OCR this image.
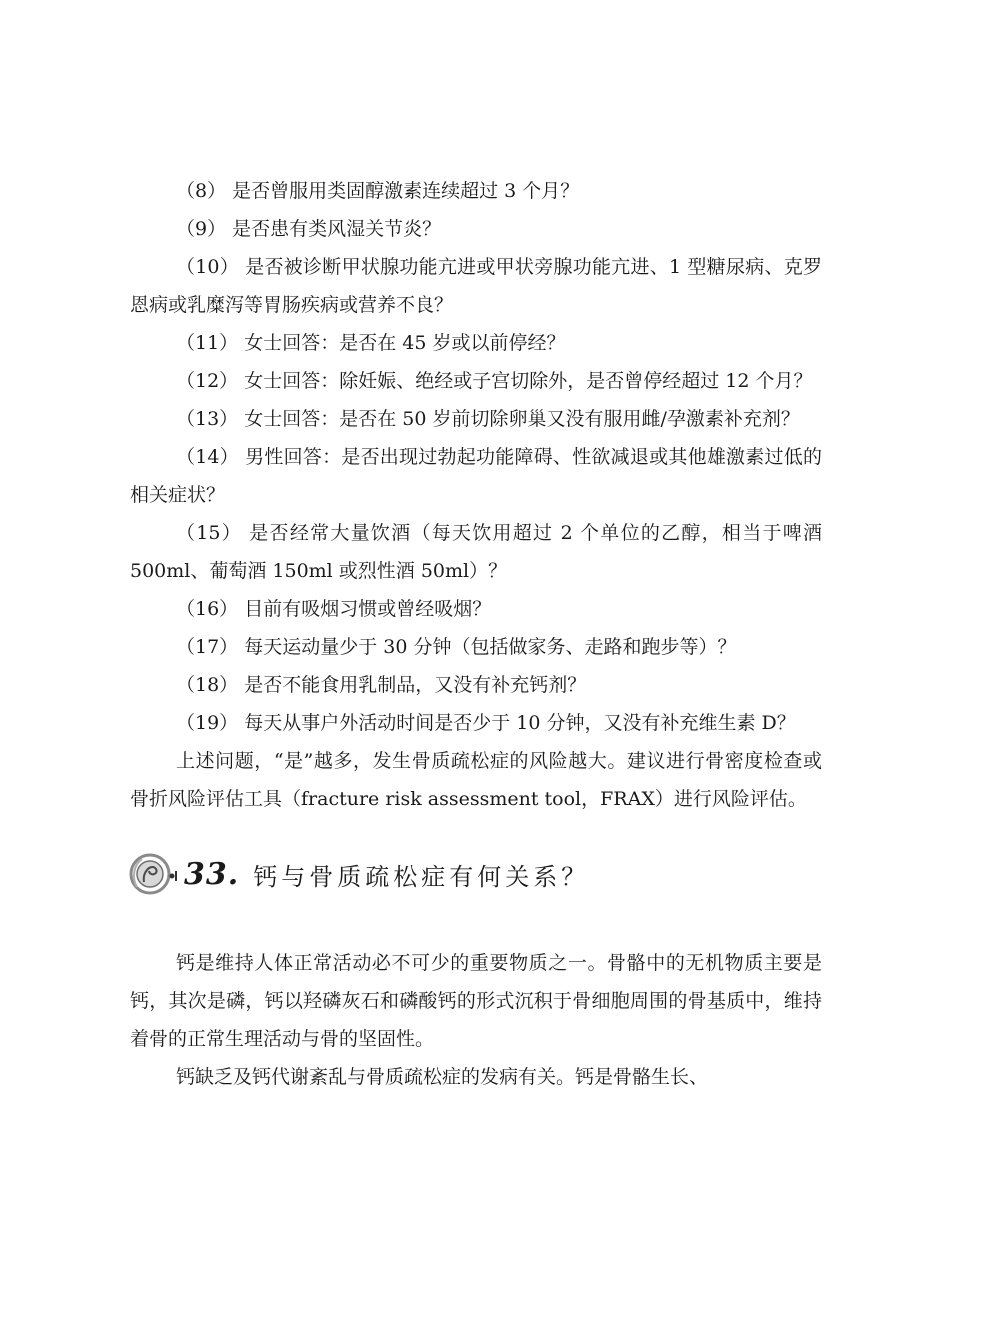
（8） 是否曾服用类固醇激素连续超过 3 个月？

（9） 是否患有类风湿关节炎？

（10） 是否被诊断甲状腺功能亢进或甲状旁腺功能亢进、1 型糖尿病、克罗恩病或乳糜泻等胃肠疾病或营养不良？

（11） 女士回答：是否在 45 岁或以前停经？

（12） 女士回答：除妊娠、绝经或子宫切除外，是否曾停经超过 12 个月？

（13） 女士回答：是否在 50 岁前切除卵巢又没有服用雌/孕激素补充剂？

（14） 男性回答：是否出现过勃起功能障碍、性欲减退或其他雄激素过低的相关症状？

（15） 是否经常大量饮酒（每天饮用超过 2 个单位的乙醇，相当于啤酒 500ml、葡萄酒 150ml 或烈性酒 50ml）？

（16） 目前有吸烟习惯或曾经吸烟？

（17） 每天运动量少于 30 分钟（包括做家务、走路和跑步等）？

（18） 是否不能食用乳制品，又没有补充钙剂？

（19） 每天从事户外活动时间是否少于 10 分钟，又没有补充维生素 D？

上述问题，“是”越多，发生骨质疏松症的风险越大。建议进行骨密度检查或骨折风险评估工具（fracture risk assessment tool，FRAX）进行风险评估。

33. 钙与骨质疏松症有何关系？

钙是维持人体正常活动必不可少的重要物质之一。骨骼中的无机物质主要是钙，其次是磷，钙以羟磷灰石和磷酸钙的形式沉积于骨细胞周围的骨基质中，维持着骨的正常生理活动与骨的坚固性。

钙缺乏及钙代谢紊乱与骨质疏松症的发病有关。钙是骨骼生长、
